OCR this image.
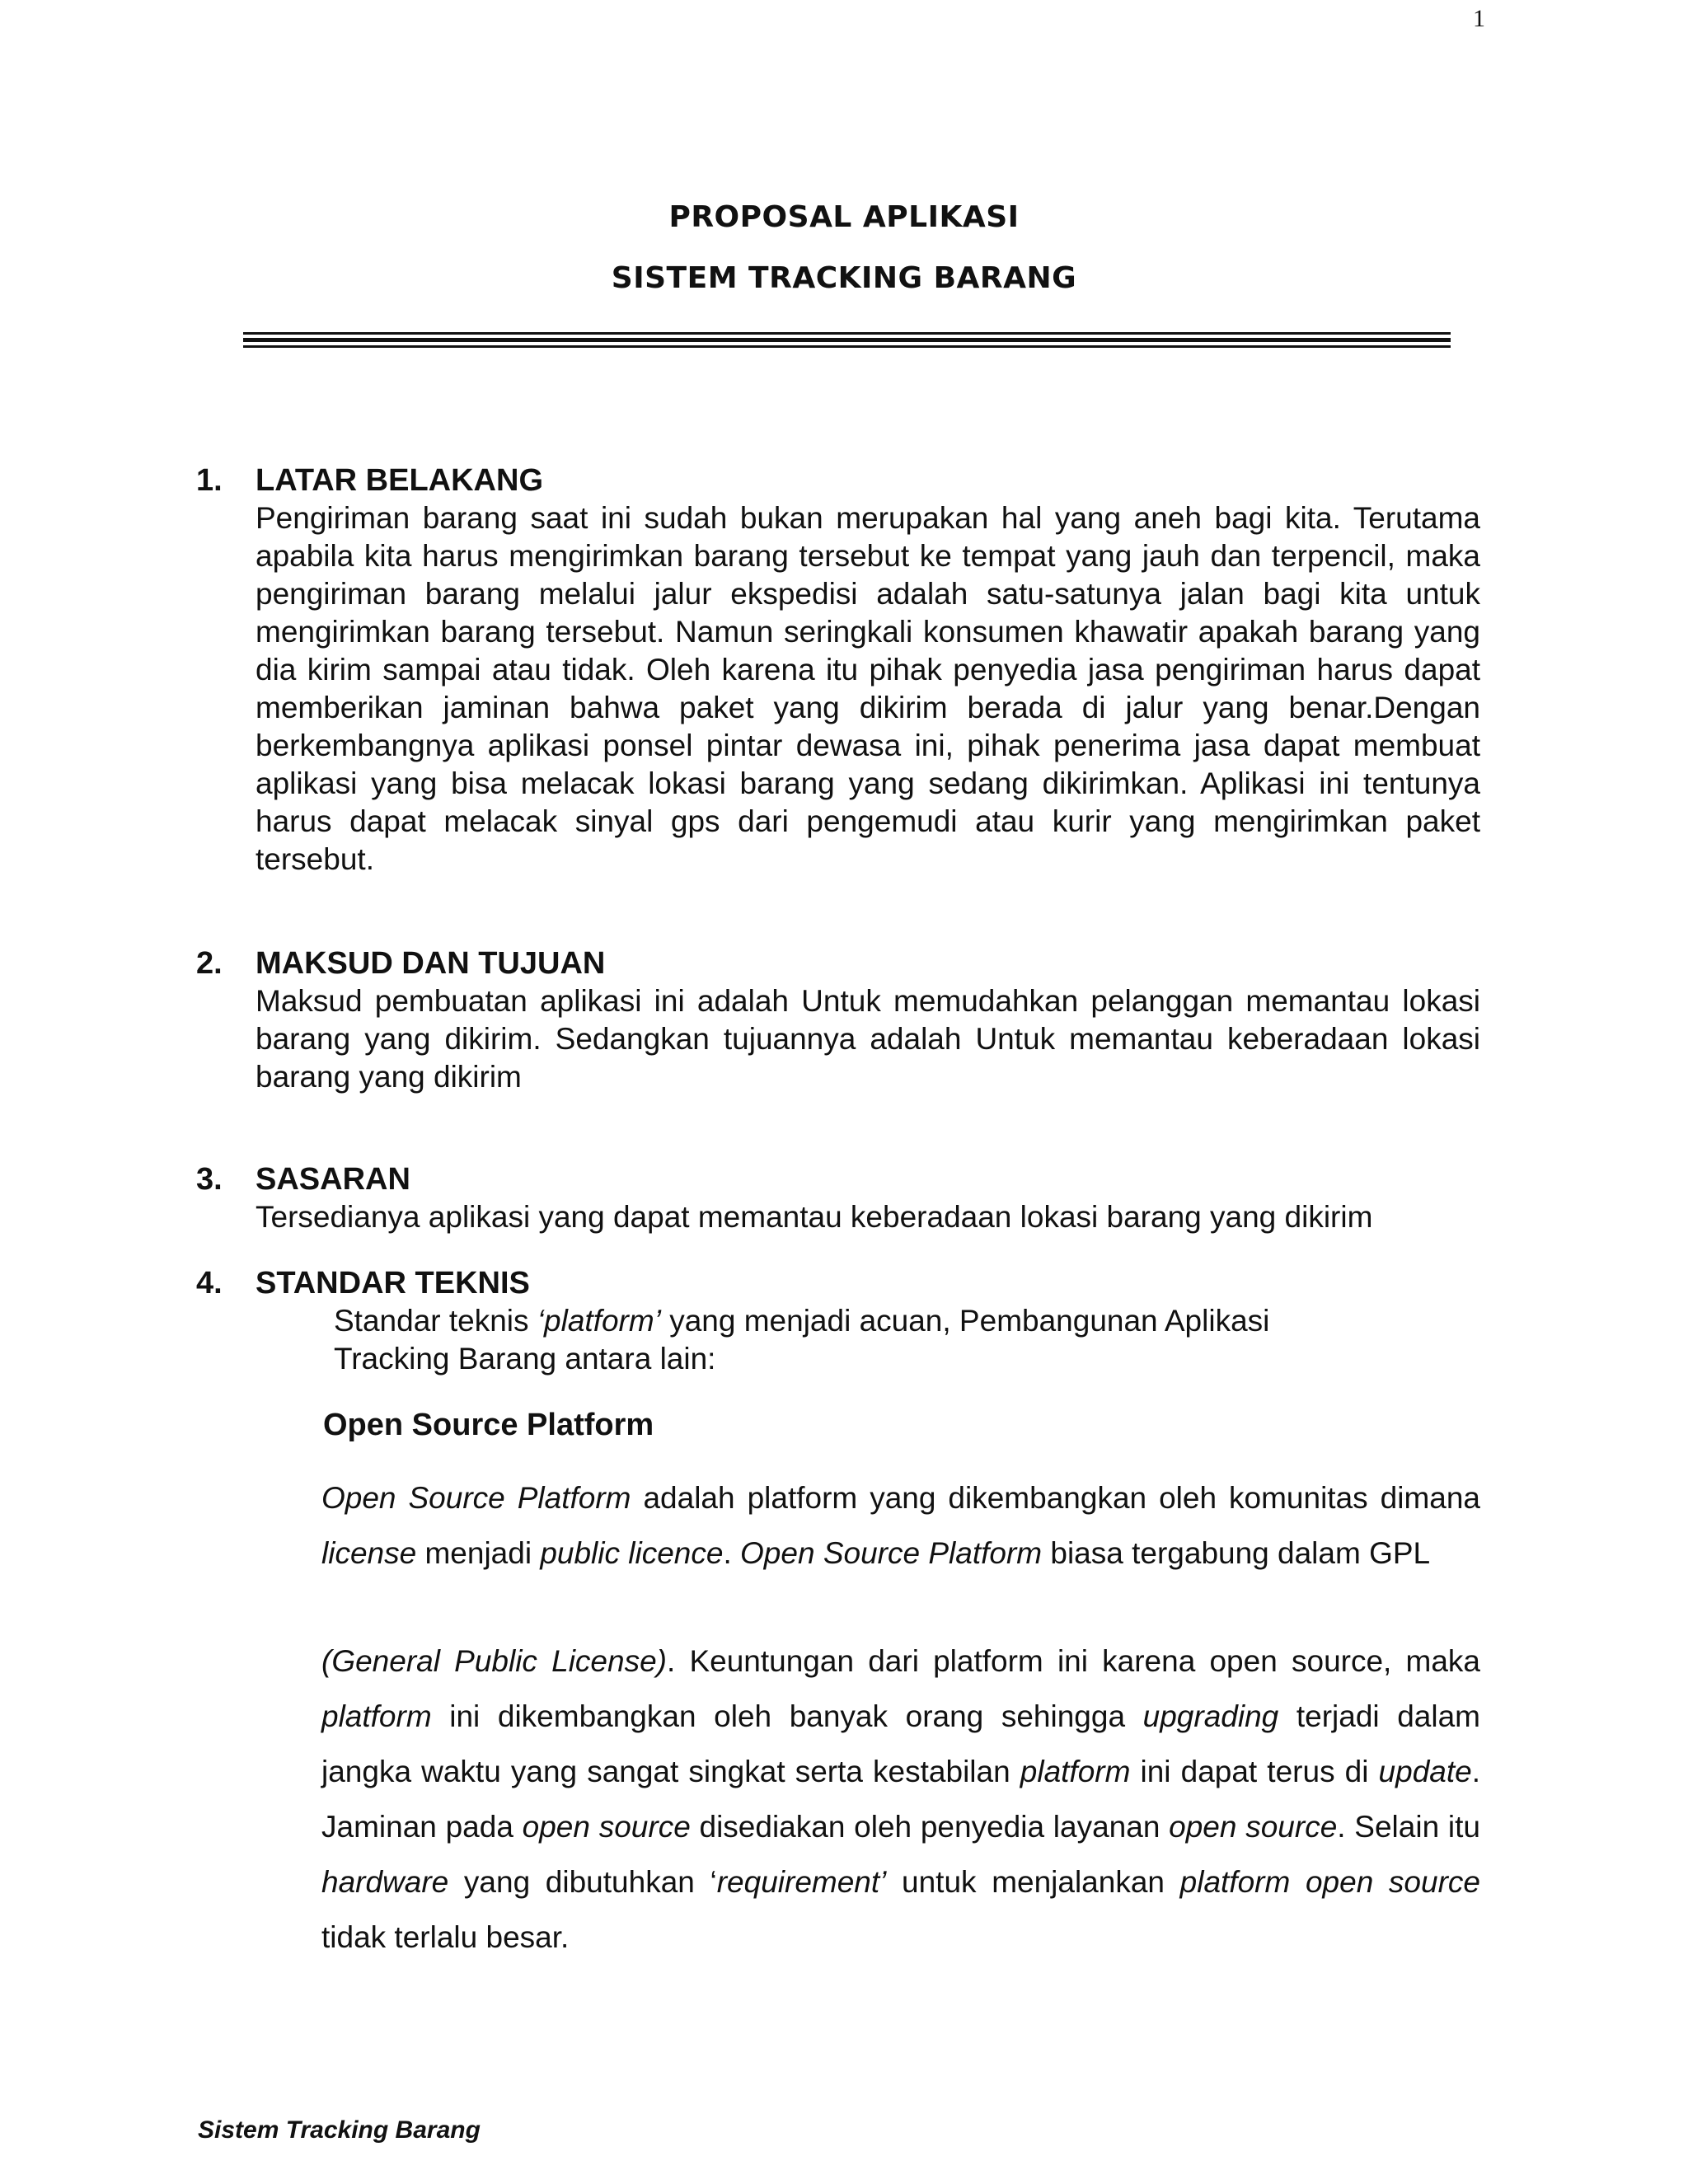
1
PROPOSAL APLIKASI
SISTEM TRACKING BARANG
1. LATAR BELAKANG

Pengiriman barang saat ini sudah bukan merupakan hal yang aneh bagi kita. Terutama apabila kita harus mengirimkan barang tersebut ke tempat yang jauh dan terpencil, maka pengiriman barang melalui jalur ekspedisi adalah satu-satunya jalan bagi kita untuk mengirimkan barang tersebut. Namun seringkali konsumen khawatir apakah barang yang dia kirim sampai atau tidak. Oleh karena itu pihak penyedia jasa pengiriman harus dapat memberikan jaminan bahwa paket yang dikirim berada di jalur yang benar.Dengan berkembangnya aplikasi ponsel pintar dewasa ini, pihak penerima jasa dapat membuat aplikasi yang bisa melacak lokasi barang yang sedang dikirimkan. Aplikasi ini tentunya harus dapat melacak sinyal gps dari pengemudi atau kurir yang mengirimkan paket tersebut.

2. MAKSUD DAN TUJUAN

Maksud pembuatan aplikasi ini adalah Untuk memudahkan pelanggan memantau lokasi barang yang dikirim. Sedangkan tujuannya adalah Untuk memantau keberadaan lokasi barang yang dikirim

3. SASARAN

Tersedianya aplikasi yang dapat memantau keberadaan lokasi barang yang dikirim

4. STANDAR TEKNIS

Standar teknis ‘platform’ yang menjadi acuan, Pembangunan Aplikasi Tracking Barang antara lain:

Open Source Platform

Open Source Platform adalah platform yang dikembangkan oleh komunitas dimana license menjadi public licence. Open Source Platform biasa tergabung dalam GPL

(General Public License). Keuntungan dari platform ini karena open source, maka platform ini dikembangkan oleh banyak orang sehingga upgrading terjadi dalam jangka waktu yang sangat singkat serta kestabilan platform ini dapat terus di update. Jaminan pada open source disediakan oleh penyedia layanan open source. Selain itu hardware yang dibutuhkan ‘requirement’ untuk menjalankan platform open source tidak terlalu besar.

Sistem Tracking Barang
